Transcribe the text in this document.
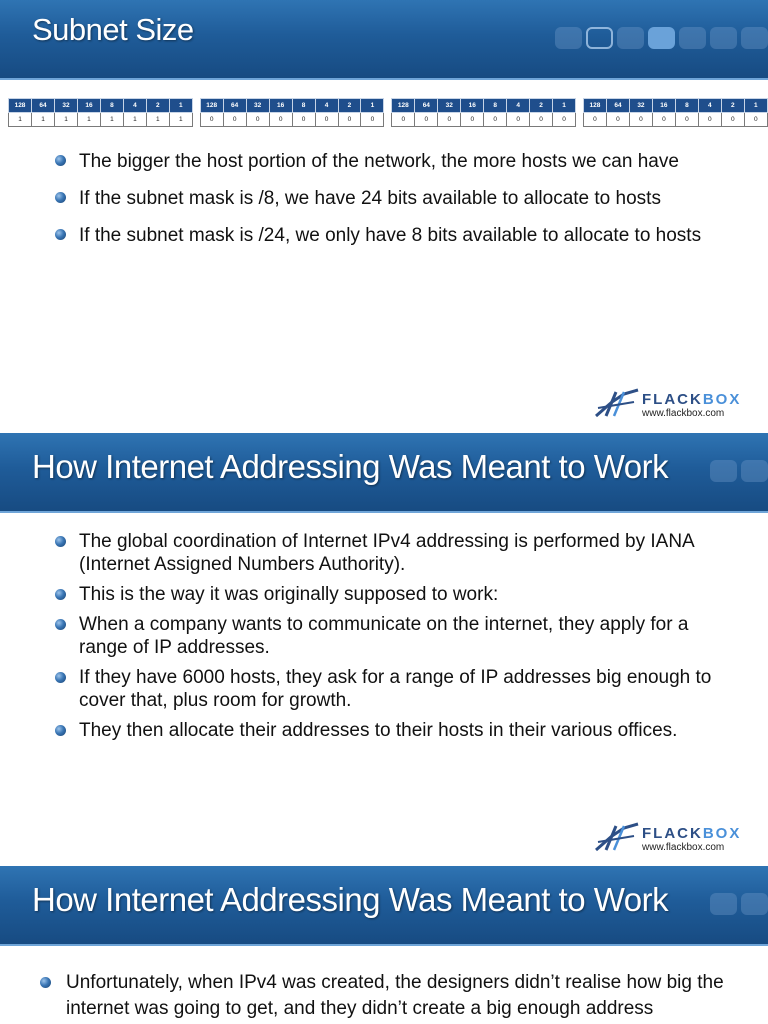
Subnet Size
128	64	32	16	8	4	2	1		128	64	32	16	8	4	2	1		128	64	32	16	8	4	2	1		128	64	32	16	8	4	2	1
1	1	1	1	1	1	1	1		0	0	0	0	0	0	0	0		0	0	0	0	0	0	0	0		0	0	0	0	0	0	0	0
The bigger the host portion of the network, the more hosts we can have
If the subnet mask is /8, we have 24 bits available to allocate to hosts
If the subnet mask is /24, we only have 8 bits available to allocate to hosts
FLACKBOX
www.flackbox.com
How Internet Addressing Was Meant to Work
The global coordination of Internet IPv4 addressing is performed by IANA (Internet Assigned Numbers Authority).
This is the way it was originally supposed to work:
When a company wants to communicate on the internet, they apply for a range of IP addresses.
If they have 6000 hosts, they ask for a range of IP addresses big enough to cover that, plus room for growth.
They then allocate their addresses to their hosts in their various offices.
FLACKBOX
www.flackbox.com
How Internet Addressing Was Meant to Work
Unfortunately, when IPv4 was created, the designers didn’t realise how big the internet was going to get, and they didn’t create a big enough address
